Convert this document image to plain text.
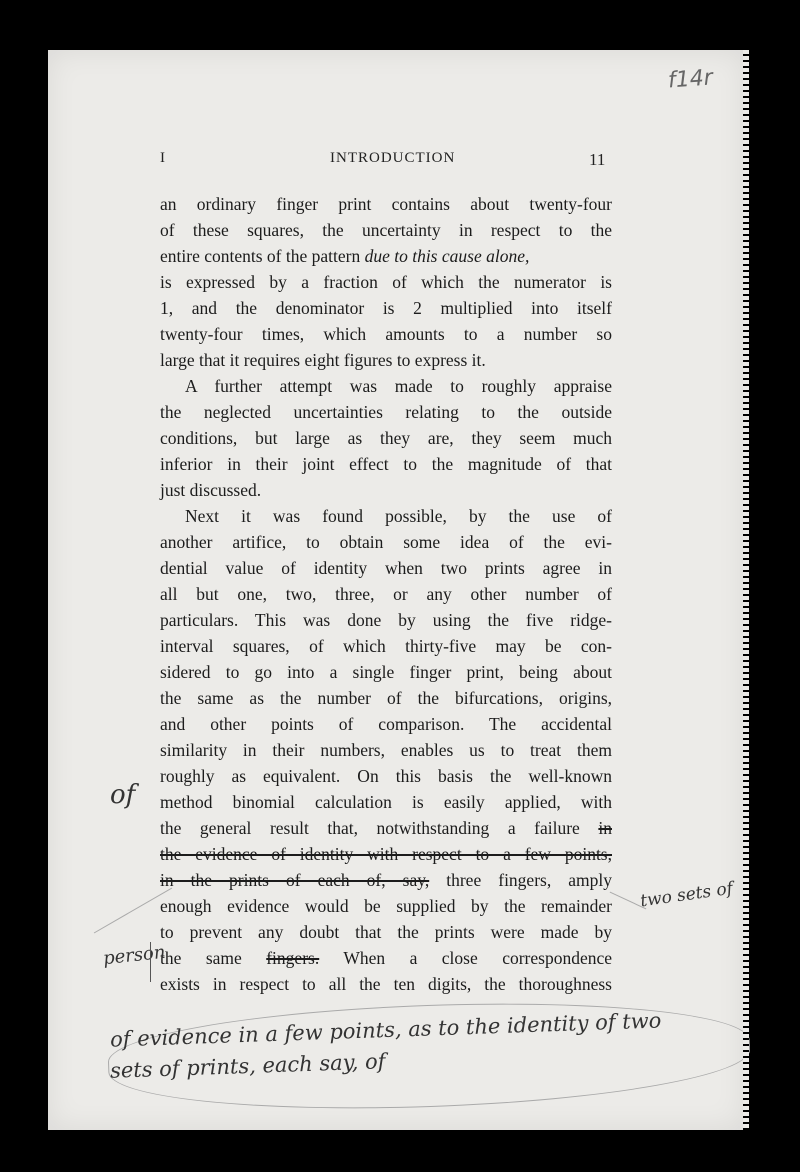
f14r
I	INTRODUCTION	11
an ordinary finger print contains about twenty-four
of these squares, the uncertainty in respect to the
entire contents of the pattern due to this cause alone,
is expressed by a fraction of which the numerator is
1, and the denominator is 2 multiplied into itself
twenty-four times, which amounts to a number so
large that it requires eight figures to express it.
A further attempt was made to roughly appraise
the neglected uncertainties relating to the outside
conditions, but large as they are, they seem much
inferior in their joint effect to the magnitude of that
just discussed.
Next it was found possible, by the use of
another artifice, to obtain some idea of the evi-
dential value of identity when two prints agree in
all but one, two, three, or any other number of
particulars. This was done by using the five ridge-
interval squares, of which thirty-five may be con-
sidered to go into a single finger print, being about
the same as the number of the bifurcations, origins,
and other points of comparison. The accidental
similarity in their numbers, enables us to treat them
roughly as equivalent. On this basis the well-known
method binomial calculation is easily applied, with
the general result that, notwithstanding a failure in
the evidence of identity with respect to a few points,
in the prints of each of, say, three fingers, amply
enough evidence would be supplied by the remainder
to prevent any doubt that the prints were made by
the same fingers. When a close correspondence
exists in respect to all the ten digits, the thoroughness
of
person
two sets of
of evidence in a few points, as to the identity of two
sets of prints, each say, of
